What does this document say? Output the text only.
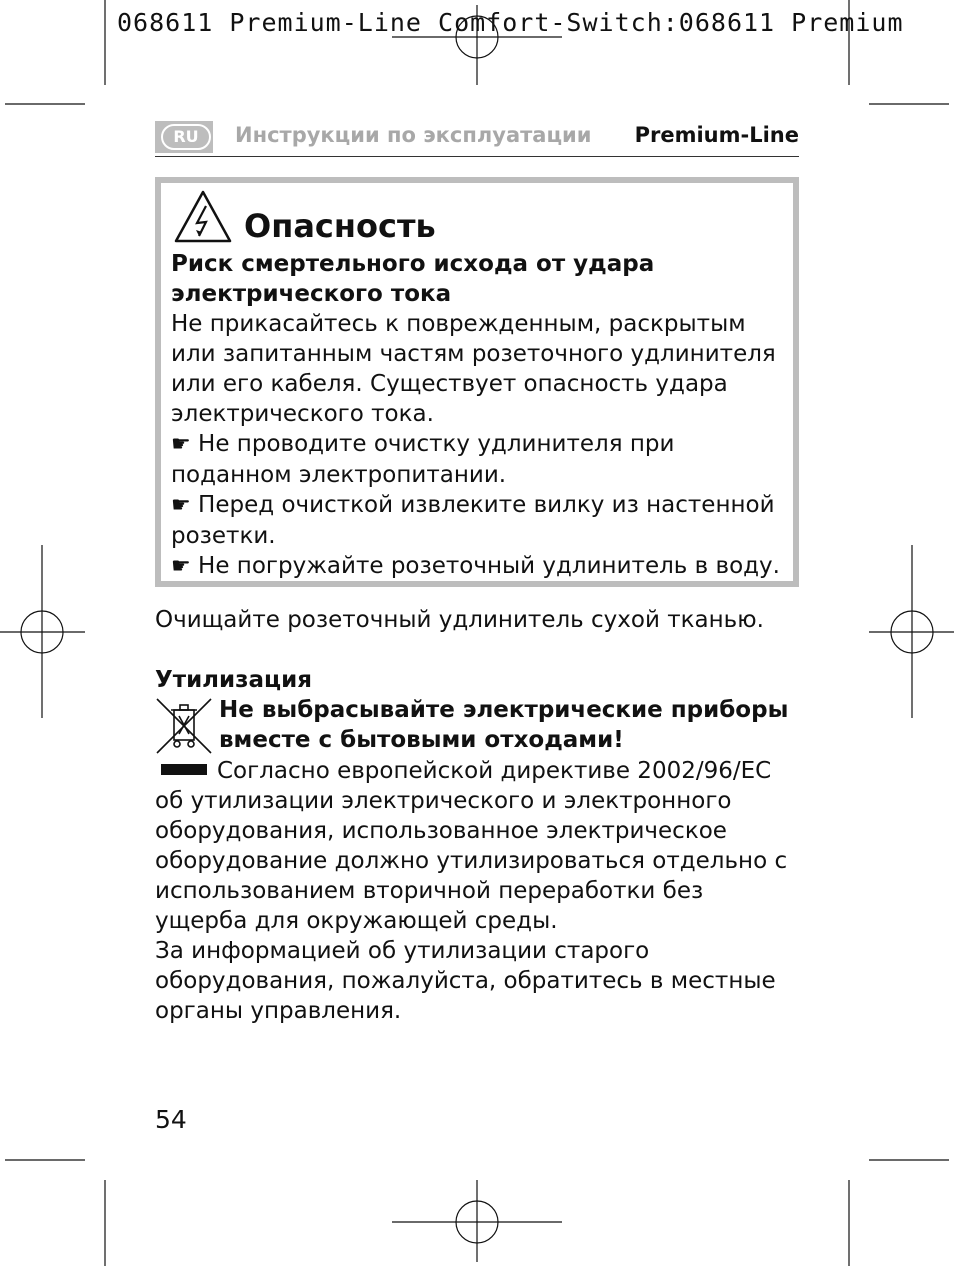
068611 Premium-Line Comfort-Switch:068611 Premium
RU	Инструкции по эксплуатации Premium-Line
Опасность
Риск смертельного исхода от удара электрического тока
Не прикасайтесь к поврежденным, раскрытым или запитанным частям розеточного удлинителя или его кабеля. Существует опасность удара электрического тока.
☛ Не проводите очистку удлинителя при поданном электропитании.
☛ Перед очисткой извлеките вилку из настенной розетки.
☛ Не погружайте розеточный удлинитель в воду.
Очищайте розеточный удлинитель сухой тканью.
Утилизация
Не выбрасывайте электрические приборы вместе с бытовыми отходами!
Согласно европейской директиве 2002/96/ЕС об утилизации электрического и электронного оборудования, использованное электрическое оборудование должно утилизироваться отдельно с использованием вторичной переработки без ущерба для окружающей среды.
За информацией об утилизации старого оборудования, пожалуйста, обратитесь в местные органы управления.
54
